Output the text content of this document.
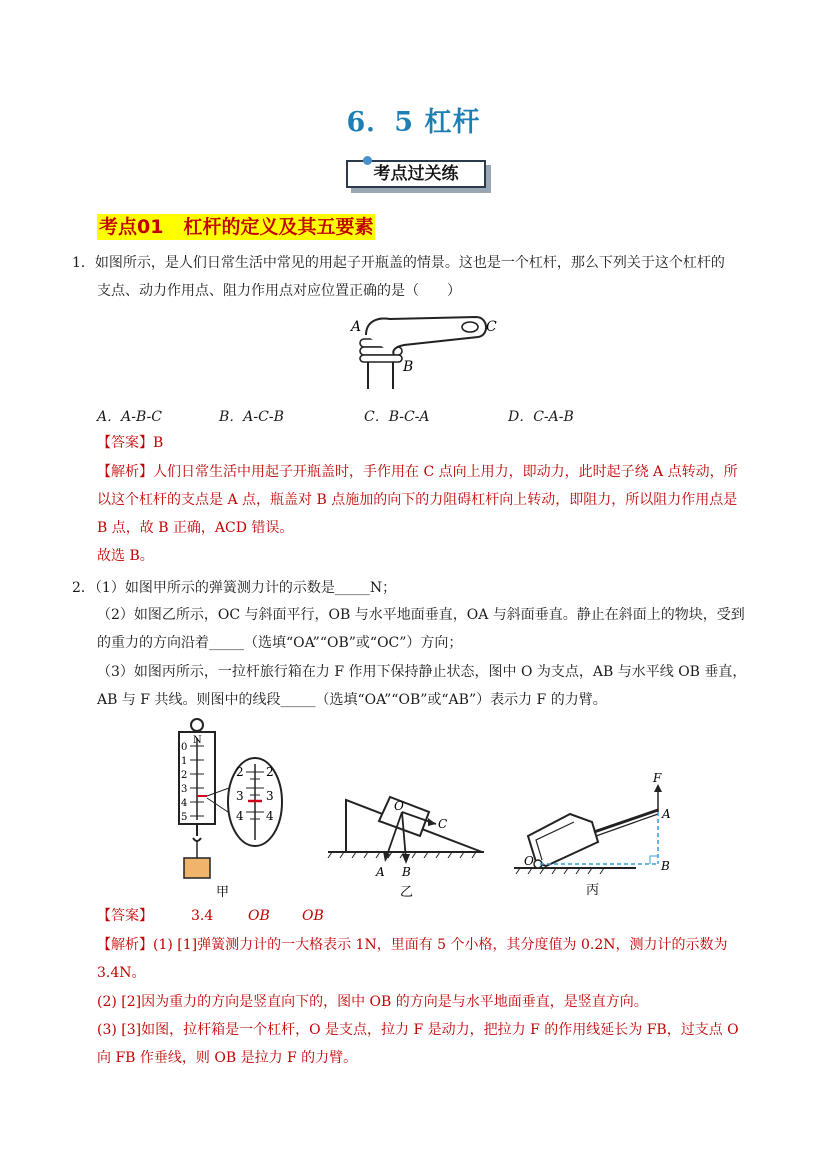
6．5 杠杆
考点过关练
考点01 杠杆的定义及其五要素
1．如图所示，是人们日常生活中常见的用起子开瓶盖的情景。这也是一个杠杆，那么下列关于这个杠杆的
支点、动力作用点、阻力作用点对应位置正确的是（　　）
A	C
B
A．A-B-C	B．A-C-B	C．B-C-A	D．C-A-B
【答案】B
【解析】人们日常生活中用起子开瓶盖时，手作用在 C 点向上用力，即动力，此时起子绕 A 点转动，所
以这个杠杆的支点是 A 点，瓶盖对 B 点施加的向下的力阻碍杠杆向上转动，即阻力，所以阻力作用点是
B 点，故 B 正确，ACD 错误。
故选 B。
2．（1）如图甲所示的弹簧测力计的示数是_____N；
（2）如图乙所示，OC 与斜面平行，OB 与水平地面垂直，OA 与斜面垂直。静止在斜面上的物块，受到
的重力的方向沿着_____（选填“OA”“OB”或“OC”）方向；
（3）如图丙所示，一拉杆旅行箱在力 F 作用下保持静止状态，图中 O 为支点，AB 与水平线 OB 垂直，
AB 与 F 共线。则图中的线段_____（选填“OA”“OB”或“AB”）表示力 F 的力臂。
N
0
1
2
3
4
5
2
3
4
2
3
4
甲
O
C
A B
乙
F
A
B
O
丙
【答案】	3.4 OB OB
【解析】(1) [1]弹簧测力计的一大格表示 1N，里面有 5 个小格，其分度值为 0.2N，测力计的示数为
3.4N。
(2) [2]因为重力的方向是竖直向下的，图中 OB 的方向是与水平地面垂直，是竖直方向。
(3) [3]如图，拉杆箱是一个杠杆，O 是支点，拉力 F 是动力，把拉力 F 的作用线延长为 FB，过支点 O
向 FB 作垂线，则 OB 是拉力 F 的力臂。
